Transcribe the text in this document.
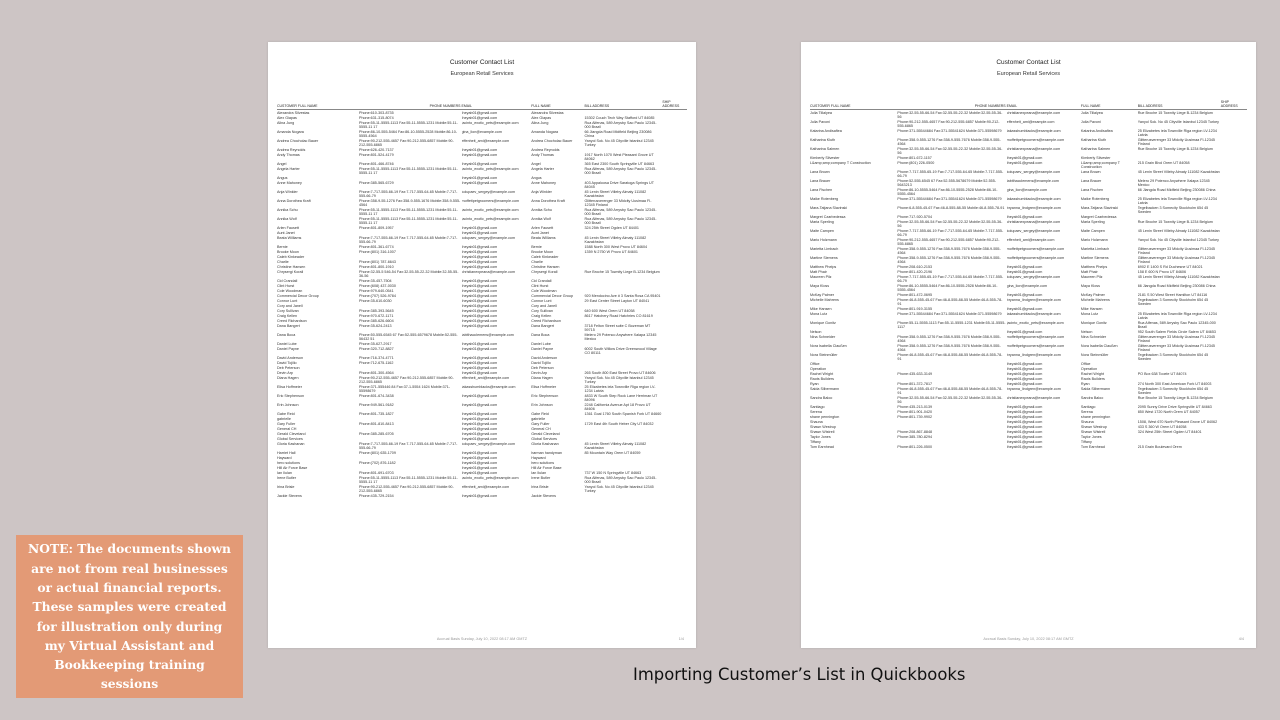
Customer Contact List
European Retail Services
CUSTOMER FULL NAME	PHONE NUMBERS	EMAIL	FULL NAME	BILL ADDRESS	SHIP ADDRESS
Alexandra Silvestas	Phone:610-303-8735	theyab01@gmail.com	Alexandra Silvestas		
Alex Giapas	Phone:631-315-8074	theyab01@gmail.com	Alex Giapas	15302 Couch Tech Way Stafford UT 84085	
Alina Jung	Phone:55-11-5555-1113 Fax:55-11-5555-1231 Mobile:55-11-5555-11 17	jacinto_exotic_pets@example.com	Alina Jung	Rua Alfenas, 589 Arrysby Sao Paulo 12345-000 Brazil	
Amanda Nogara	Phone:86-10-555-5464 Fax:86-10-5555-2528 Mobile:86-10-5555-4564	gina_lion@example.com	Amanda Nogara	66 Jiangda Road Midfield Beijing 230086 China	
Andrea Chocholac Bauer	Phone:90-212-555-4657 Fax:90-212-555-6857 Mobile:90-212-555-6865	effenheit_ami@example.com	Andrea Chocholac Bauer	Yanyol Sok. No 45 Cityville Istanbul 12345 Turkey	
Andrea Reynolds	Phone:626-420-7137	theyab01@gmail.com	Andrea Reynolds		
Andy Thomas	Phone:801-524-4179	theyab01@gmail.com	Andy Thomas	1917 North 1070 West Pleasant Grove UT 84062	
Angel	Phone:801-466-8746	theyab01@gmail.com	Angel	365 East 2300 South Springville UT 84663	
Angela Harter	Phone:55-11-5555-1113 Fax:55-11-5555-1231 Mobile:55-11-5555-11 17	jacinto_exotic_pets@example.com	Angela Harter	Rua Alfenas, 589 Arrysby Sao Paulo 12345-000 Brazil	
Angus		theyab01@gmail.com	Angus		
Anne Mahoney	Phone:385-565-6729	theyab01@gmail.com	Anne Mahoney	403 Appaloosa Drive Saratoga Springs UT 84045	
Anja Winkler	Phone:7-717-555-66-19 Fax:7-717-555-64-65 Mobile:7-717-555-66-79	kolupaev_sergey@example.com	Anja Winkler	45 Lenin Street Villeby Almaty 111082 Kazakhstan	
Anna Dorothea Kraft	Phone:358-9-55-1276 Fax:358-9-555-1676 Mobile:358-9-555-4564	moffettpetgroomers@example.com	Anna Dorothea Kraft	Glitterusverenger 33 Midcity Uusimaa FI-12345 Finland	
Annika Schu	Phone:55-11-5555-1113 Fax:55-11-5555-1231 Mobile:55-11-5555-11 17	jacinto_exotic_pets@example.com	Annika Schu	Rua Alfenas, 589 Arrysby Sao Paulo 12345-000 Brazil	
Annika Wolf	Phone:55-11-5555-1113 Fax:55-11-5555-1231 Mobile:55-11-5555-11 17	jacinto_exotic_pets@example.com	Annika Wolf	Rua Alfenas, 589 Arrysby Sao Paulo 12345-000 Brazil	
Arlen Fausett	Phone:801-809-1957	theyab01@gmail.com	Arlen Fausett	324 25th Street Ogden UT 84401	
Aunt Janet		theyab01@gmail.com	Aunt Janet		
Beata Williams	Phone:7-717-555-66-19 Fax:7-717-555-64-65 Mobile:7-717-555-66-79	kolupaev_sergey@example.com	Beata Williams	45 Lenin Street Villeby Almaty 111082 Kazakhstan	
Bernie	Phone:801-361-6774	theyab01@gmail.com	Bernie	1588 North 300 West Provo UT 84604	
Brooke Moon	Phone:(801) 316-1007	theyab01@gmail.com	Brooke Moon	1359 N 2750 W Provo UT 84601	
Caleb Kinkeader		theyab01@gmail.com	Caleb Kinkeader		
Charlie	Phone:(801) 787-6643	theyab01@gmail.com	Charlie		
Christine Hansen	Phone:801-800-1910	theyab01@gmail.com	Christine Hansen		
Chrysergi Korall	Phone:32-55-5 546-54 Fax:32-55-55-22-32 Mobile:32-55-55-36-56	christianexpeana@example.com	Chrysergi Korall	Rue Broche 15 Townity Liege B-1234 Belgium	
Cid Crandall	Phone:35-457-7504	theyab01@gmail.com	Cid Crandall		
Clint Hurst	Phone:(608) 437-0030	theyab01@gmail.com	Clint Hurst		
Cole Woodman	Phone:979-640-0541	theyab01@gmail.com	Cole Woodman		
Commercial Decor Group	Phone:(707) 526-9784	theyab01@gmail.com	Commercial Decor Group	920 Mendocino Ave # 3 Santa Rosa CA 95401	
Connor Lunt	Phone:35-610-6030	theyab01@gmail.com	Connor Lunt	29 East Center Street Layton UT 84041	
Cory and Janell		theyab01@gmail.com	Cory and Janell		
Cory Sullivan	Phone:385-393-5645	theyab01@gmail.com	Cory Sullivan	640 600 West Orem UT 84058	
Craig Kellen	Phone:970-672-1171	theyab01@gmail.com	Craig Kellen	8617 Hatchery Road Hatchries CO 81619	
Creed Richardson	Phone:385-626-6604	theyab01@gmail.com	Creed Richardson		
Dana Bangert	Phone:35-624-2413	theyab01@gmail.com	Dana Bangert	3718 Felton Street suite C Bozeman MT 59715	
Dana Boca	Phone:50-555-6545 67 Fax:52-555-6579678 Mobile:52-555-56432 51	tabithacclemens@example.com	Dana Boca	Melero 29 Potenco Anywhere Xalapa 12345 Mexico	
Daniel Lube	Phone:35-627-2917	theyab01@gmail.com	Daniel Lube		
Daniel Payne	Phone:320-712-8827	theyab01@gmail.com	Daniel Payne	6002 South Willow Drive Greenwood Village CO 80111	
David Anderson	Phone:716-374-4771	theyab01@gmail.com	David Anderson		
David Tojillo	Phone:712-675-1162	theyab01@gmail.com	David Tojillo		
Deb Peterson		theyab01@gmail.com	Deb Peterson		
Devin Arp	Phone:801-300-4564	theyab01@gmail.com	Devin Arp	265 South 800 East Street Provo UT 84606	
Diana Hagen	Phone:90-212-555-4657 Fax:90-212-555-6857 Mobile:90-212-555-6865	effenheit_ami@example.com	Diana Hagen	Yanyol Sok. No 45 Cityville Istanbul 12345 Turkey	
Elisa Hoffmeier	Phone:371-555446 84 Fax:37-1-5554 1624 Mobile:371-55598679	takasshumblacks@example.com	Elisa Hoffmeier	25 Elizabetes iela Townville Riga region LV-1234 Latvia	
Eric Stephenson	Phone:801-674-3438	theyab01@gmail.com	Eric Stephenson	4833 W South Step Rock Lane Herriman UT 84096	
Erin Johnson	Phone:949-561-9182	theyab01@gmail.com	Erin Johnson	2248 California Avenue Apt 18 Provo UT 84606	
Gabe Reid	Phone:801-735-1827	theyab01@gmail.com	Gabe Reid	1361 Goal 1760 South Spanish Fork UT 84660	
gabrielle		theyab01@gmail.com	gabrielle		
Gary Fuller	Phone:801-810-8413	theyab01@gmail.com	Gary Fuller	1729 East 4th South Heber City UT 84032	
General CH		theyab01@gmail.com	General CH		
Gerald Cleveland	Phone:385-285-6705	theyab01@gmail.com	Gerald Cleveland		
Global Services		theyab01@gmail.com	Global Services		
Gloria Kashanan	Phone:7-717-555-66-19 Fax:7-717-555-64-65 Mobile:7-717-555-66-79	kolupaev_sergey@example.com	Gloria Kashanan	45 Lenin Street Villeby Almaty 111082 Kazakhstan	
Harriet Hall	Phone:(801) 635-1709	theyab01@gmail.com	harman handyman	85 Mountain Way Orem UT 84059	
Hayward		theyab01@gmail.com	Hayward		
hero solutions	Phone:(702) 876-1182	theyab01@gmail.com	hero solutions		
Hill Air Force Base		theyab01@gmail.com	Hill Air Force Base		
Ian Ilulan	Phone:801-691-6703	theyab01@gmail.com	Ian Ilulan	737 W 150 N Springville UT 84663	
Irene Butler	Phone:55-11-5555-1113 Fax:55-11-5555-1231 Mobile:55-11-5555-11 17	jacinto_exotic_pets@example.com	Irene Butler	Rua Alfenas, 589 Arrysby Sao Paulo 12345-000 Brazil	
Irina Brisle	Phone:90-212-555-4657 Fax:90-212-555-6857 Mobile:90-212-555-6865	effenheit_ami@example.com	Irina Brisle	Yanyol Sok. No 45 Cityville Istanbul 12345 Turkey	
Jackie Stevens	Phone:435-729-2154	theyab01@gmail.com	Jackie Stevens		
Accrual Basis Sunday, July 10, 2022 08:17 AM GMTZ	1/4
Customer Contact List
European Retail Services
CUSTOMER FULL NAME	PHONE NUMBERS	EMAIL	FULL NAME	BILL ADDRESS	SHIP ADDRESS
Julia Tillalyea	Phone:32-55-55-66-54 Fax:32-55-55-22-32 Mobile:32-55-55-36-56	christianexpeana@example.com	Julia Tillalyea	Rue Broche 15 Townity Liege B-1234 Belgium	
Julia Pavoni	Phone:90-212-555-4657 Fax:90-212-555-6857 Mobile:90-212-555-6865	effenheit_ami@example.com	Julia Pavoni	Yanyol Sok. No 45 Cityville Istanbul 12345 Turkey	
Katarina Andisafiea	Phone:371-55544684 Fax:371-55541624 Mobile:371-55598679	takasshumblacks@example.com	Katarina Andisafiea	25 Elizabetes iela Townville Riga region LV-1234 Latvia	
Katharina Kluth	Phone:358-9-555-1276 Fax:358-9-555-7676 Mobile:358-9-555-4564	moffettpetgroomers@example.com	Katharina Kluth	Glitterusverenger 33 Midcity Uusimaa FI-12345 Finland	
Katharina Salmen	Phone:32-55-55-66-54 Fax:32-55-55-22-32 Mobile:32-55-55-36-56	christianexpeana@example.com	Katharina Salmen	Rue Broche 15 Townity Liege B-1234 Belgium	
Kimberly Silvester	Phone:801-672-1157	theyab01@gmail.com	Kimberly Silvester		
L&amp;amp;company T Construction	Phone:(801) 226-0500	theyab01@gmail.com	L&amp;amp;company T Construction	215 Grain Blvd Orem UT 84058	
Lana Brown	Phone:7-717-555-65-19 Fax:7-717-555-64-65 Mobile:7-717-555-66-79	kolupaev_sergey@example.com	Lana Brown	45 Lenin Street Villeby Almaty 111082 Kazakhstan	
Lana Brauer	Phone:52-555-6545 67 Fax:52-555-5678679 Mobile:52-555-5643213	tabithacclemens@example.com	Lana Brauer	Melero 29 Potenco Anywhere Xalapa 12345 Mexico	
Lana Fischen	Phone:86-10-5555-5464 Fax:86-10-5555-2528 Mobile:86-10-5555-4564	gina_lion@example.com	Lana Fischen	66 Jiangda Road Midfield Beijing 230086 China	
Maike Rotenberg	Phone:371-55544684 Fax:371-55541624 Mobile:371-55598679	takasshumblacks@example.com	Maike Rotenberg	25 Elizabetes iela Townville Riga region LV-1234 Latvia	
Mara-Tatjana Slavinski	Phone:6-8-555-45-67 Fax:46-8-555-88-55 Mobile:46-8-555-78-91	bryanna_lindgren@example.com	Mara-Tatjana Slavinski	Tegelbacken 3 Somecity Stockholm 654 45 Sweden	
Margret Czarbedessa	Phone:717-920-5704	theyab01@gmail.com	Margret Czarbedessa		
Maria Sperling	Phone:32-55-55-66-54 Fax:32-55-55-22-32 Mobile:32-55-55-36-56	christianexpeana@example.com	Maria Sperling	Rue Broche 15 Townity Liege B-1234 Belgium	
Maite Campen	Phone:7-717-555-66-19 Fax:7-717-555-64-65 Mobile:7-717-555-66-79	kolupaev_sergey@example.com	Maite Campen	45 Lenin Street Villeby Almaty 111082 Kazakhstan	
Mario Holzmann	Phone:90-212-555-4657 Fax:90-212-555-6857 Mobile:90-212-555-6865	effenheit_ami@example.com	Mario Holzmann	Yanyol Sok. No 45 Cityville Istanbul 12345 Turkey	
Marietta Limbach	Phone:358-9-555-1276 Fax:358-9-555-7676 Mobile:358-9-555-4564	moffettpetgroomers@example.com	Marietta Limbach	Glitterusverenger 33 Midcity Uusimaa FI-12345 Finland	
Martine Siemens	Phone:358-9-555-1276 Fax:358-9-555-7676 Mobile:358-9-555-4564	moffettpetgroomers@example.com	Martine Siemens	Glitterusverenger 33 Midcity Uusimaa FI-12345 Finland	
Matthew Phelps	Phone:208-610-2153	theyab01@gmail.com	Matthew Phelps	6902 E 1400 S Rd Duchesne UT 84021	
Matt Phair	Phone:801-420-2196	theyab01@gmail.com	Matt Phair	158 E 600 N Provo UT 84606	
Maureen Pilz	Phone:7-717-555-65-19 Fax:7-717-555-64-65 Mobile:7-717-555-66-79	kolupaev_sergey@example.com	Maureen Pilz	45 Lenin Street Villeby Almaty 111082 Kazakhstan	
Maya Kloss	Phone:86-10-5555-5464 Fax:86-10-5555-2528 Mobile:86-10-5555-4564	gina_lion@example.com	Maya Kloss	66 Jiangda Road Midfield Beijing 230086 China	
McKay Palmer	Phone:801-472-0695	theyab01@gmail.com	McKay Palmer	2181 S 50 West Street Hamilton UT 84116	
Michelle Mahrens	Phone:46-8-555-45-67 Fax:46-8-555-88-55 Mobile:46-8-555-78-91	bryanna_lindgren@example.com	Michelle Mahrens	Tegelbacken 3 Somecity Stockholm 654 45 Sweden	
Mike Hansen	Phone:801-919-3155	theyab01@gmail.com	Mike Hansen		
Mona Lutz	Phone:371-55544684 Fax:371-55541624 Mobile:371-55598679	takasshumblacks@example.com	Mona Lutz	25 Elizabetes iela Townville Riga region LV-1234 Latvia	
Monique Gonitz	Phone:55-11-5555-1113 Fax:55-11-5555-1231 Mobile:55-11-5555-1117	jacinto_exotic_pets@example.com	Monique Gonitz	Rua Alfenas, 589 Arrysby Sao Paulo 12345-000 Brazil	
Nelson		theyab01@gmail.com	Nelson	952 South Salem Fields Circle Salem UT 84653	
Nina Schneider	Phone:358-9-555-1276 Fax:358-9-555-7676 Mobile:358-9-555-4564	moffettpetgroomers@example.com	Nina Schneider	Glitterusverenger 33 Midcity Uusimaa FI-12345 Finland	
Nora Isabella Claußen	Phone:358-9-555-1276 Fax:358-9-555-7676 Mobile:358-9-555-4564	moffettpetgroomers@example.com	Nora Isabella Claußen	Glitterusverenger 33 Midcity Uusimaa FI-12345 Finland	
Nora Steinmüller	Phone:46-8-555-45-67 Fax:46-8-555-88-55 Mobile:46-8-555-78-91	bryanna_lindgren@example.com	Nora Steinmüller	Tegelbacken 3 Somecity Stockholm 654 45 Sweden	
Office		theyab01@gmail.com	Office		
Operation		theyab01@gmail.com	Operation		
Rachel Wright	Phone:435-633-3149	theyab01@gmail.com	Rachel Wright	PO Box 638 Tooele UT 84074	
Raots Builders		theyab01@gmail.com	Raots Builders		
Ryan	Phone:801-372-7817	theyab01@gmail.com	Ryan	274 North 300 East American Fork UT 84003	
Saida Silbermann	Phone:46-8-555-45-67 Fax:46-8-555-88-55 Mobile:46-8-555-78-91	bryanna_lindgren@example.com	Saida Silbermann	Tegelbacken 3 Somecity Stockholm 654 45 Sweden	
Sandra Baloo	Phone:32-55-55-66-54 Fax:32-55-55-22-32 Mobile:32-55-55-36-56	christianexpeana@example.com	Sandra Baloo	Rue Broche 15 Townity Liege B-1234 Belgium	
Santiago	Phone:435-213-0139	theyab01@gmail.com	Santiago	2095 Sunny Drive Drive Springville UT 84663	
Serena	Phone:801-901-0420	theyab01@gmail.com	Serena	850 West 1720 North Orem UT 84057	
shane pennington	Phone:801-739-9902	theyab01@gmail.com	shane pennington		
Shauna		theyab01@gmail.com	Shauna	1508, West 670 North Pleasant Grove UT 84062	
Shawn Westrup		theyab01@gmail.com	Shawn Westrup	433 S 360 W Orem UT 84058	
Shawn Wistrell	Phone:208-867-8848	theyab01@gmail.com	Shawn Wistrell	324 West 25th Street Ogden UT 84401	
Taylor Jones	Phone:385-780-8294	theyab01@gmail.com	Taylor Jones		
Tiffany		theyab01@gmail.com	Tiffany		
Tom Earnhead	Phone:801-226-0500	theyab01@gmail.com	Tom Earnhead	215 Grain Boulevard Orem	
Accrual Basis Sunday, July 10, 2022 08:17 AM GMTZ	4/4
NOTE: The documents shown are not from real businesses or actual financial reports. These samples were created for illustration only during my Virtual Assistant and Bookkeeping training sessions	Importing Customer’s List in Quickbooks
